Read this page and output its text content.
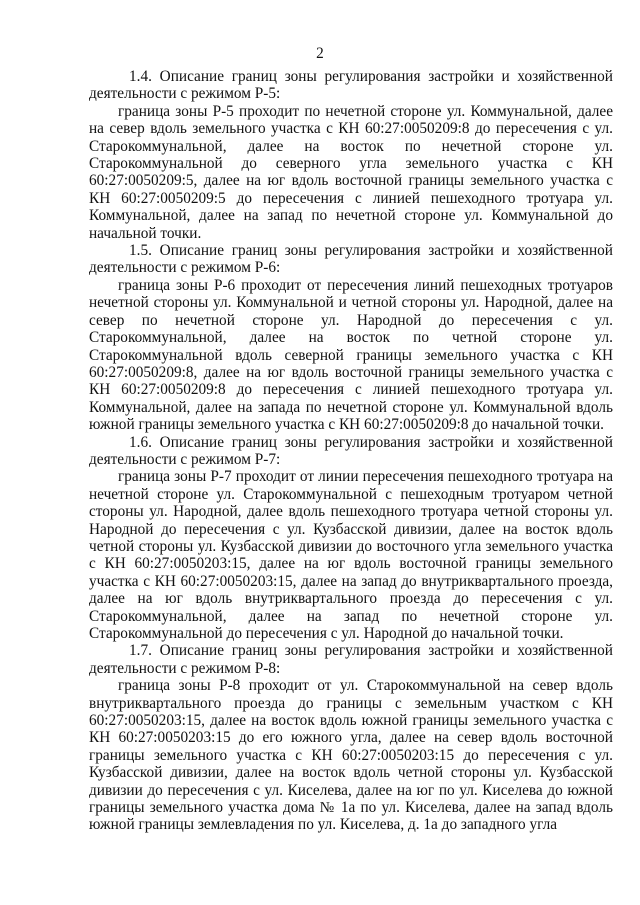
2

1.4. Описание границ зоны регулирования застройки и хозяйственной деятельности с режимом Р-5:

граница зоны Р-5 проходит по нечетной стороне ул. Коммунальной, далее на север вдоль земельного участка с КН 60:27:0050209:8 до пересечения с ул. Старокоммунальной, далее на восток по нечетной стороне ул. Старокоммунальной до северного угла земельного участка с КН 60:27:0050209:5, далее на юг вдоль восточной границы земельного участка с КН 60:27:0050209:5 до пересечения с линией пешеходного тротуара ул. Коммунальной, далее на запад по нечетной стороне ул. Коммунальной до начальной точки.

1.5. Описание границ зоны регулирования застройки и хозяйственной деятельности с режимом Р-6:

граница зоны Р-6 проходит от пересечения линий пешеходных тротуаров нечетной стороны ул. Коммунальной и четной стороны ул. Народной, далее на север по нечетной стороне ул. Народной до пересечения с ул. Старокоммунальной, далее на восток по четной стороне ул. Старокоммунальной вдоль северной границы земельного участка с КН 60:27:0050209:8, далее на юг вдоль восточной границы земельного участка с КН 60:27:0050209:8 до пересечения с линией пешеходного тротуара ул. Коммунальной, далее на запада по нечетной стороне ул. Коммунальной вдоль южной границы земельного участка с КН 60:27:0050209:8 до начальной точки.

1.6. Описание границ зоны регулирования застройки и хозяйственной деятельности с режимом Р-7:

граница зоны Р-7 проходит от линии пересечения пешеходного тротуара на нечетной стороне ул. Старокоммунальной с пешеходным тротуаром четной стороны ул. Народной, далее вдоль пешеходного тротуара четной стороны ул. Народной до пересечения с ул. Кузбасской дивизии, далее на восток вдоль четной стороны ул. Кузбасской дивизии до восточного угла земельного участка с КН 60:27:0050203:15, далее на юг вдоль восточной границы земельного участка с КН 60:27:0050203:15, далее на запад до внутриквартального проезда, далее на юг вдоль внутриквартального проезда до пересечения с ул. Старокоммунальной, далее на запад по нечетной стороне ул. Старокоммунальной до пересечения с ул. Народной до начальной точки.

1.7. Описание границ зоны регулирования застройки и хозяйственной деятельности с режимом Р-8:

граница зоны Р-8 проходит от ул. Старокоммунальной на север вдоль внутриквартального проезда до границы с земельным участком с КН 60:27:0050203:15, далее на восток вдоль южной границы земельного участка с КН 60:27:0050203:15 до его южного угла, далее на север вдоль восточной границы земельного участка с КН 60:27:0050203:15 до пересечения с ул. Кузбасской дивизии, далее на восток вдоль четной стороны ул. Кузбасской дивизии до пересечения с ул. Киселева, далее на юг по ул. Киселева до южной границы земельного участка дома № 1а по ул. Киселева, далее на запад вдоль южной границы землевладения по ул. Киселева, д. 1а до западного угла
